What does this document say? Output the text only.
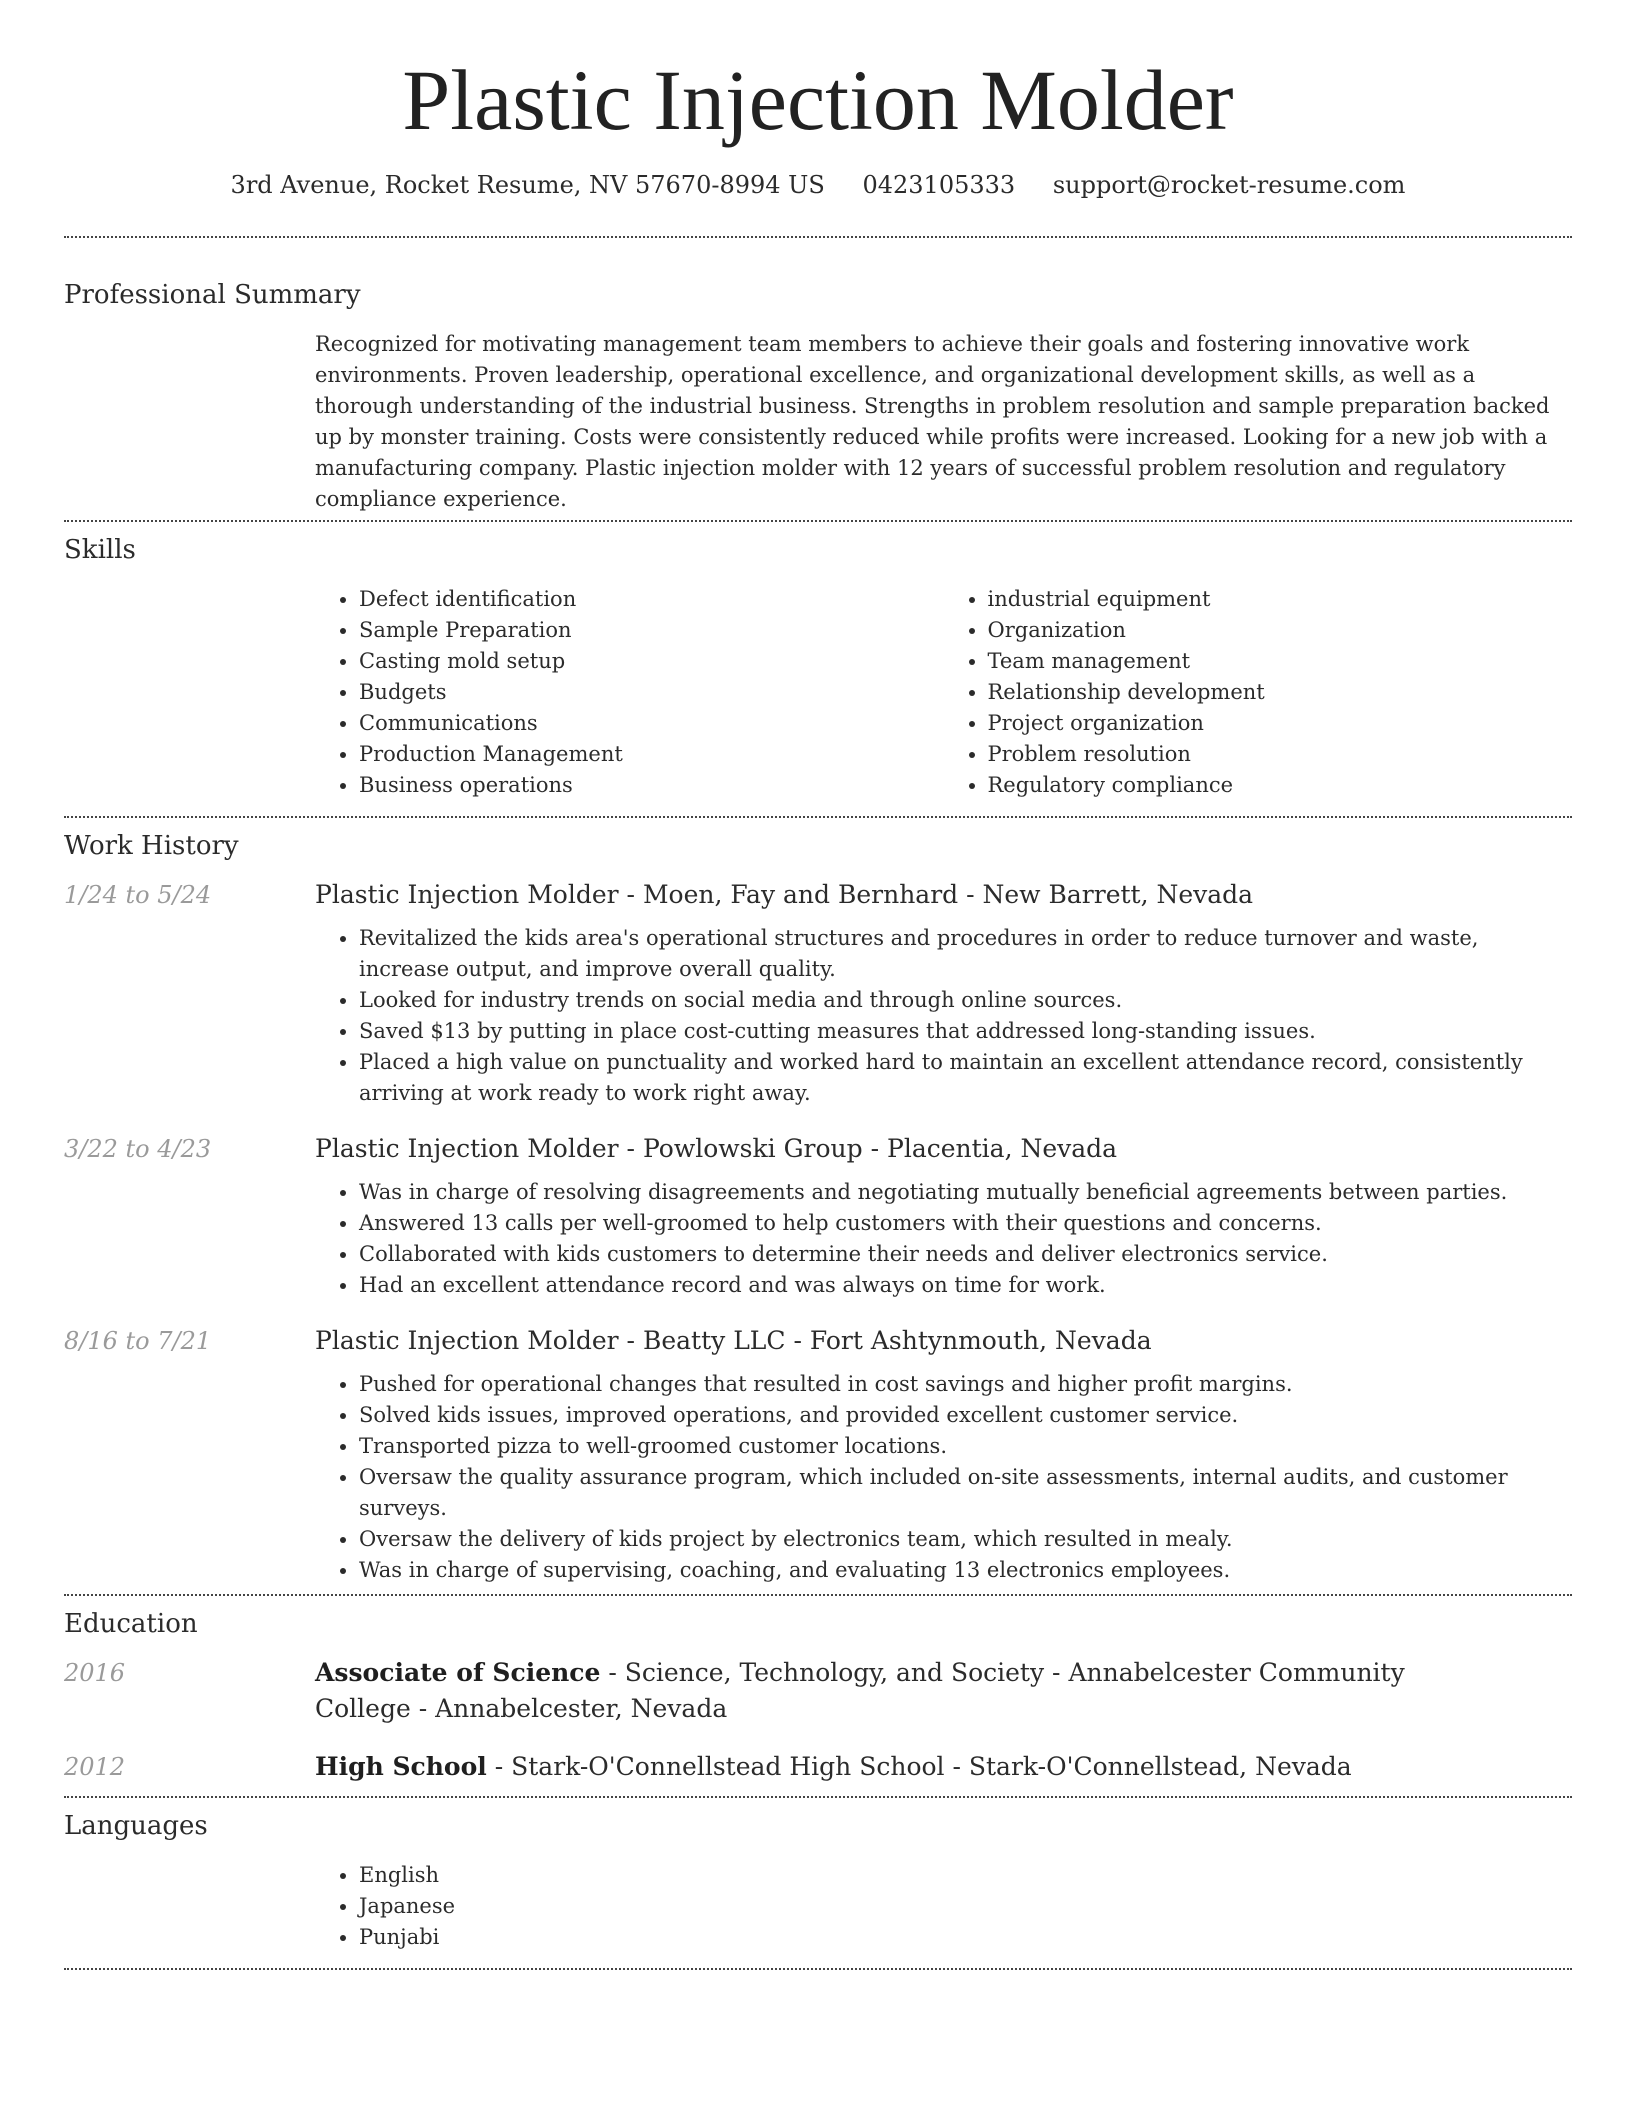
Plastic Injection Molder
3rd Avenue, Rocket Resume, NV 57670-8994 US 0423105333 support@rocket-resume.com
Professional Summary
Recognized for motivating management team members to achieve their goals and fostering innovative work environments. Proven leadership, operational excellence, and organizational development skills, as well as a thorough understanding of the industrial business. Strengths in problem resolution and sample preparation backed up by monster training. Costs were consistently reduced while profits were increased. Looking for a new job with a manufacturing company. Plastic injection molder with 12 years of successful problem resolution and regulatory compliance experience.
Skills
• Defect identification
• Sample Preparation
• Casting mold setup
• Budgets
• Communications
• Production Management
• Business operations
• industrial equipment
• Organization
• Team management
• Relationship development
• Project organization
• Problem resolution
• Regulatory compliance
Work History
1/24 to 5/24	Plastic Injection Molder - Moen, Fay and Bernhard - New Barrett, Nevada
• Revitalized the kids area's operational structures and procedures in order to reduce turnover and waste, increase output, and improve overall quality.
• Looked for industry trends on social media and through online sources.
• Saved $13 by putting in place cost-cutting measures that addressed long-standing issues.
• Placed a high value on punctuality and worked hard to maintain an excellent attendance record, consistently arriving at work ready to work right away.
3/22 to 4/23	Plastic Injection Molder - Powlowski Group - Placentia, Nevada
• Was in charge of resolving disagreements and negotiating mutually beneficial agreements between parties.
• Answered 13 calls per well-groomed to help customers with their questions and concerns.
• Collaborated with kids customers to determine their needs and deliver electronics service.
• Had an excellent attendance record and was always on time for work.
8/16 to 7/21	Plastic Injection Molder - Beatty LLC - Fort Ashtynmouth, Nevada
• Pushed for operational changes that resulted in cost savings and higher profit margins.
• Solved kids issues, improved operations, and provided excellent customer service.
• Transported pizza to well-groomed customer locations.
• Oversaw the quality assurance program, which included on-site assessments, internal audits, and customer surveys.
• Oversaw the delivery of kids project by electronics team, which resulted in mealy.
• Was in charge of supervising, coaching, and evaluating 13 electronics employees.
Education
2016	Associate of Science - Science, Technology, and Society - Annabelcester Community College - Annabelcester, Nevada
2012	High School - Stark-O'Connellstead High School - Stark-O'Connellstead, Nevada
Languages
• English
• Japanese
• Punjabi
